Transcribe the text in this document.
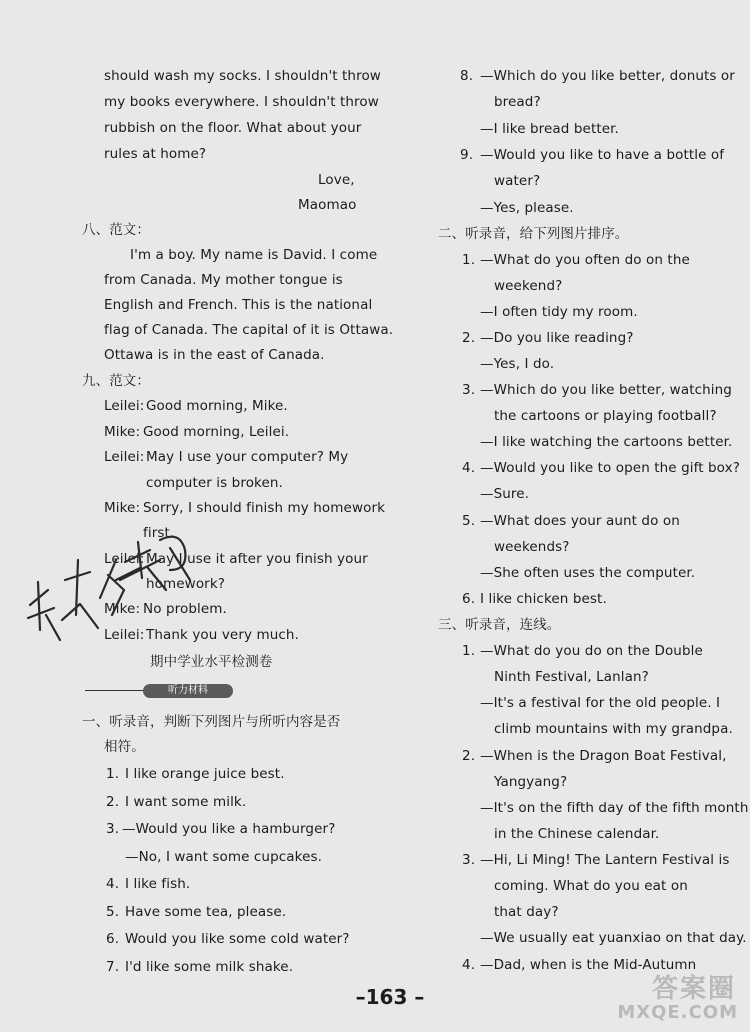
should wash my socks. I shouldn't throw
my books everywhere. I shouldn't throw
rubbish on the floor. What about your
rules at home?
Love,
Maomao
八、范文：
I'm a boy. My name is David. I come
from Canada. My mother tongue is
English and French. This is the national
flag of Canada. The capital of it is Ottawa.
Ottawa is in the east of Canada.
九、范文：
Leilei: Good morning, Mike.
Mike: Good morning, Leilei.
Leilei: May I use your computer? My
computer is broken.
Mike: Sorry, I should finish my homework
first.
Leilei: May I use it after you finish your
homework?
Mike: No problem.
Leilei: Thank you very much.
期中学业水平检测卷
听力材料
一、听录音，判断下列图片与所听内容是否
相符。
1. I like orange juice best.
2. I want some milk.
3. —Would you like a hamburger?
—No, I want some cupcakes.
4. I like fish.
5. Have some tea, please.
6. Would you like some cold water?
7. I'd like some milk shake.
8. —Which do you like better, donuts or
bread?
—I like bread better.
9. —Would you like to have a bottle of
water?
—Yes, please.
二、听录音，给下列图片排序。
1. —What do you often do on the
weekend?
—I often tidy my room.
2. —Do you like reading?
—Yes, I do.
3. —Which do you like better, watching
the cartoons or playing football?
—I like watching the cartoons better.
4. —Would you like to open the gift box?
—Sure.
5. —What does your aunt do on
weekends?
—She often uses the computer.
6. I like chicken best.
三、听录音，连线。
1. —What do you do on the Double
Ninth Festival, Lanlan?
—It's a festival for the old people. I
climb mountains with my grandpa.
2. —When is the Dragon Boat Festival,
Yangyang?
—It's on the fifth day of the fifth month
in the Chinese calendar.
3. —Hi, Li Ming! The Lantern Festival is
coming. What do you eat on
that day?
—We usually eat yuanxiao on that day.
4. —Dad, when is the Mid-Autumn
–163 –	答案圈
MXQE.COM
